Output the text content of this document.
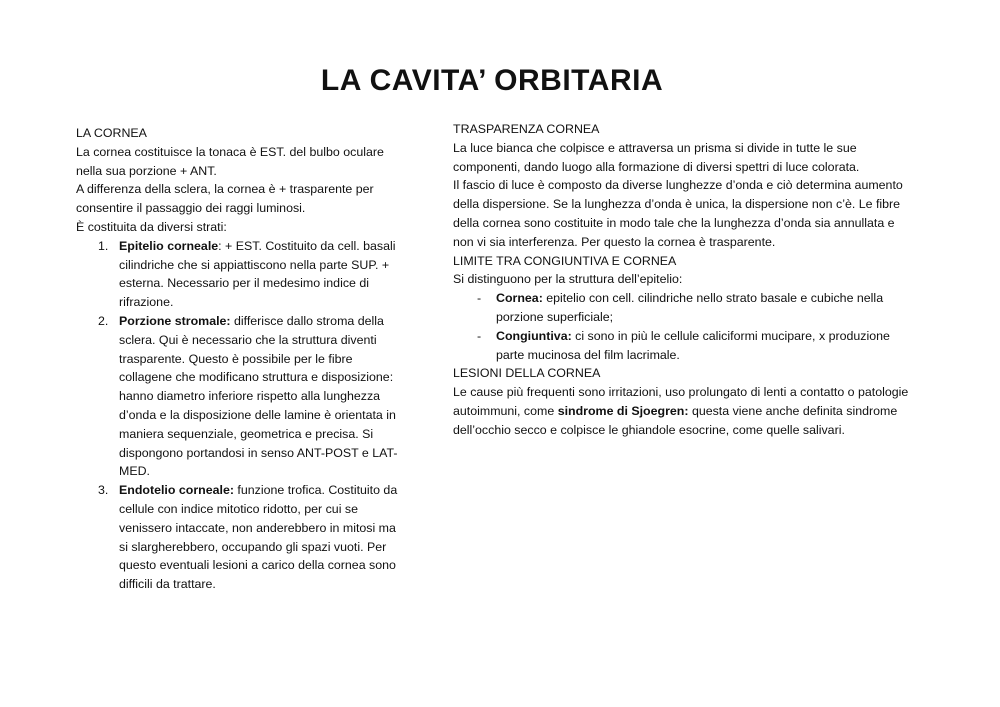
LA CAVITA’ ORBITARIA
LA CORNEA

La cornea costituisce la tonaca è EST. del bulbo oculare nella sua porzione + ANT.

A differenza della sclera, la cornea è + trasparente per consentire il passaggio dei raggi luminosi.

È costituita da diversi strati:

1. Epitelio corneale: + EST. Costituito da cell. basali cilindriche che si appiattiscono nella parte SUP. + esterna. Necessario per il medesimo indice di rifrazione.
2. Porzione stromale: differisce dallo stroma della sclera. Qui è necessario che la struttura diventi trasparente. Questo è possibile per le fibre collagene che modificano struttura e disposizione: hanno diametro inferiore rispetto alla lunghezza d’onda e la disposizione delle lamine è orientata in maniera sequenziale, geometrica e precisa. Si dispongono portandosi in senso ANT-POST e LAT-MED.
3. Endotelio corneale: funzione trofica. Costituito da cellule con indice mitotico ridotto, per cui se venissero intaccate, non anderebbero in mitosi ma si slargherebbero, occupando gli spazi vuoti. Per questo eventuali lesioni a carico della cornea sono difficili da trattare.
TRASPARENZA CORNEA

La luce bianca che colpisce e attraversa un prisma si divide in tutte le sue componenti, dando luogo alla formazione di diversi spettri di luce colorata.

Il fascio di luce è composto da diverse lunghezze d’onda e ciò determina aumento della dispersione. Se la lunghezza d’onda è unica, la dispersione non c’è. Le fibre della cornea sono costituite in modo tale che la lunghezza d’onda sia annullata e non vi sia interferenza. Per questo la cornea è trasparente.

LIMITE TRA CONGIUNTIVA E CORNEA

Si distinguono per la struttura dell’epitelio:

- Cornea: epitelio con cell. cilindriche nello strato basale e cubiche nella porzione superficiale;
- Congiuntiva: ci sono in più le cellule caliciformi mucipare, x produzione parte mucinosa del film lacrimale.
LESIONI DELLA CORNEA

Le cause più frequenti sono irritazioni, uso prolungato di lenti a contatto o patologie autoimmuni, come sindrome di Sjoegren: questa viene anche definita sindrome dell’occhio secco e colpisce le ghiandole esocrine, come quelle salivari.
